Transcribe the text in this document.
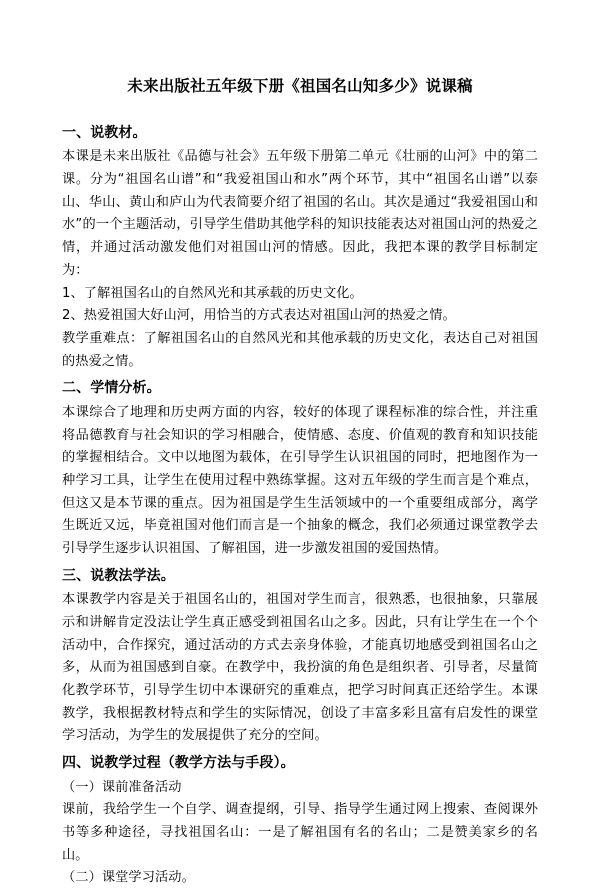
未来出版社五年级下册《祖国名山知多少》说课稿
一、说教材。

本课是未来出版社《品德与社会》五年级下册第二单元《壮丽的山河》中的第二课。分为“祖国名山谱”和“我爱祖国山和水”两个环节，其中“祖国名山谱”以泰山、华山、黄山和庐山为代表简要介绍了祖国的名山。其次是通过“我爱祖国山和水”的一个主题活动，引导学生借助其他学科的知识技能表达对祖国山河的热爱之情，并通过活动激发他们对祖国山河的情感。因此，我把本课的教学目标制定为：

1、了解祖国名山的自然风光和其承载的历史文化。

2、热爱祖国大好山河，用恰当的方式表达对祖国山河的热爱之情。

教学重难点：了解祖国名山的自然风光和其他承载的历史文化，表达自己对祖国的热爱之情。

二、学情分析。

本课综合了地理和历史两方面的内容，较好的体现了课程标准的综合性，并注重将品德教育与社会知识的学习相融合，使情感、态度、价值观的教育和知识技能的掌握相结合。文中以地图为载体，在引导学生认识祖国的同时，把地图作为一种学习工具，让学生在使用过程中熟练掌握。这对五年级的学生而言是个难点，但这又是本节课的重点。因为祖国是学生生活领域中的一个重要组成部分，离学生既近又远，毕竟祖国对他们而言是一个抽象的概念，我们必须通过课堂教学去引导学生逐步认识祖国、了解祖国，进一步激发祖国的爱国热情。

三、说教法学法。

本课教学内容是关于祖国名山的，祖国对学生而言，很熟悉，也很抽象，只靠展示和讲解肯定没法让学生真正感受到祖国名山之多。因此，只有让学生在一个个活动中，合作探究，通过活动的方式去亲身体验，才能真切地感受到祖国名山之多，从而为祖国感到自豪。在教学中，我扮演的角色是组织者、引导者，尽量简化教学环节，引导学生切中本课研究的重难点，把学习时间真正还给学生。本课教学，我根据教材特点和学生的实际情况，创设了丰富多彩且富有启发性的课堂学习活动，为学生的发展提供了充分的空间。

四、说教学过程（教学方法与手段）。

（一）课前准备活动

课前，我给学生一个自学、调查提纲，引导、指导学生通过网上搜索、查阅课外书等多种途径，寻找祖国名山：一是了解祖国有名的名山；二是赞美家乡的名山。

（二）课堂学习活动。
